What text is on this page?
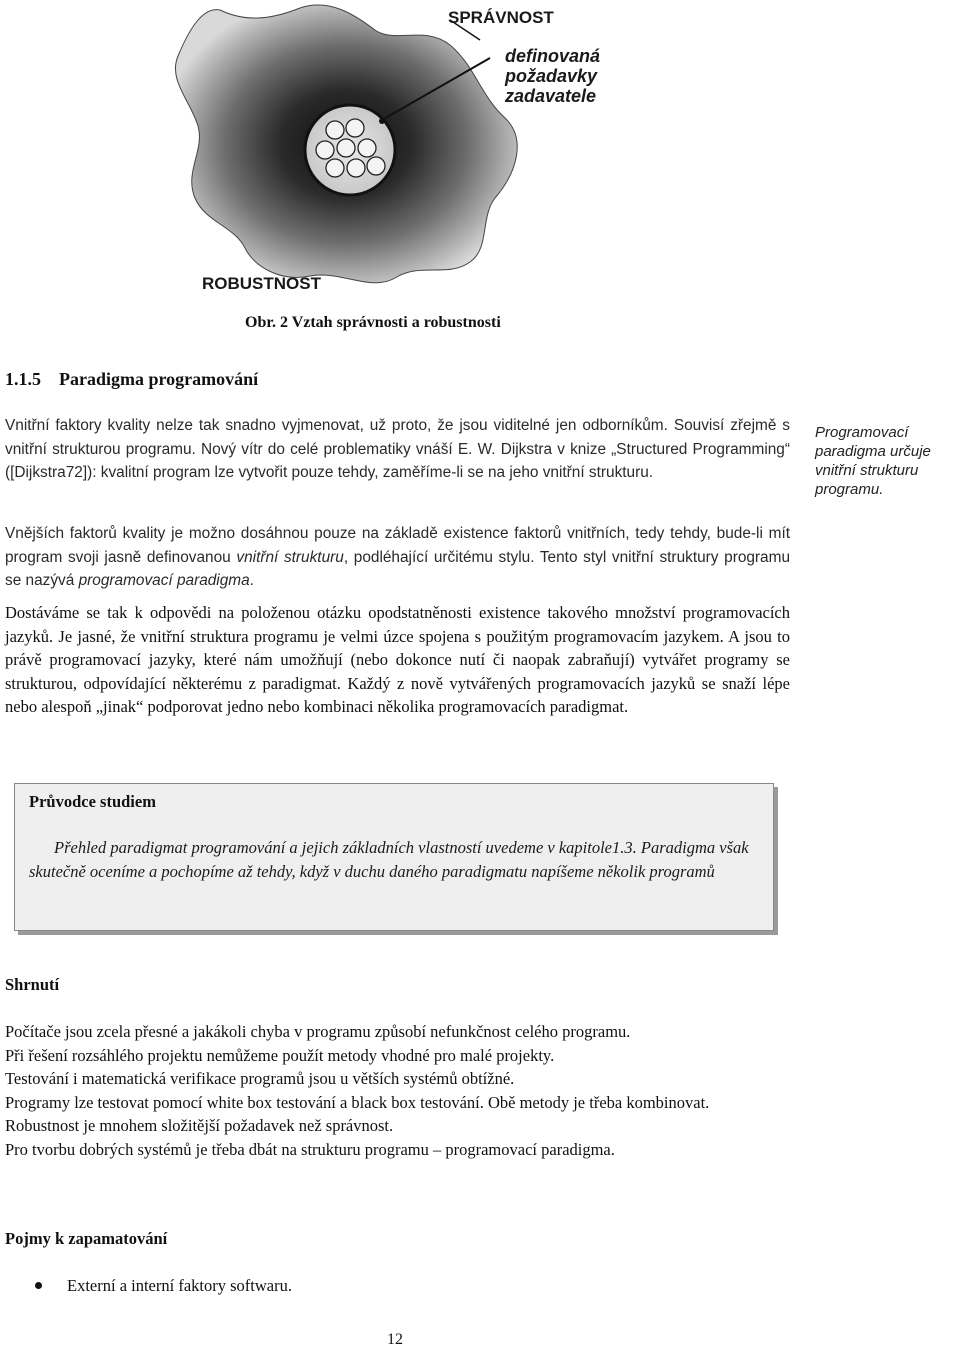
SPRÁVNOST
definovaná
požadavky
zadavatele
ROBUSTNOST
Obr. 2 Vztah správnosti a robustnosti
1.1.5 Paradigma programování
Vnitřní faktory kvality nelze tak snadno vyjmenovat, už proto, že jsou viditelné jen odborníkům. Souvisí zřejmě s vnitřní strukturou programu. Nový vítr do celé problematiky vnáší E. W. Dijkstra v knize „Structured Programming“ ([Dijkstra72]): kvalitní program lze vytvořit pouze tehdy, zaměříme-li se na jeho vnitřní strukturu.
Vnějších faktorů kvality je možno dosáhnou pouze na základě existence faktorů vnitřních, tedy tehdy, bude-li mít program svoji jasně definovanou vnitřní strukturu, podléhající určitému stylu. Tento styl vnitřní struktury programu se nazývá programovací paradigma.
Dostáváme se tak k odpovědi na položenou otázku opodstatněnosti existence takového množství programovacích jazyků. Je jasné, že vnitřní struktura programu je velmi úzce spojena s použitým programovacím jazykem. A jsou to právě programovací jazyky, které nám umožňují (nebo dokonce nutí či naopak zabraňují) vytvářet programy se strukturou, odpovídající některému z paradigmat. Každý z nově vytvářených programovacích jazyků se snaží lépe nebo alespoň „jinak“ podporovat jedno nebo kombinaci několika programovacích paradigmat.
Programovací paradigma určuje vnitřní strukturu programu.
Průvodce studiem
Přehled paradigmat programování a jejich základních vlastností uvedeme v kapitole1.3. Paradigma však skutečně oceníme a pochopíme až tehdy, když v duchu daného paradigmatu napíšeme několik programů
Shrnutí
Počítače jsou zcela přesné a jakákoli chyba v programu způsobí nefunkčnost celého programu.
Při řešení rozsáhlého projektu nemůžeme použít metody vhodné pro malé projekty.
Testování i matematická verifikace programů jsou u větších systémů obtížné.
Programy lze testovat pomocí white box testování a black box testování. Obě metody je třeba kombinovat.
Robustnost je mnohem složitější požadavek než správnost.
Pro tvorbu dobrých systémů je třeba dbát na strukturu programu – programovací paradigma.
Pojmy k zapamatování
Externí a interní faktory softwaru.
12
